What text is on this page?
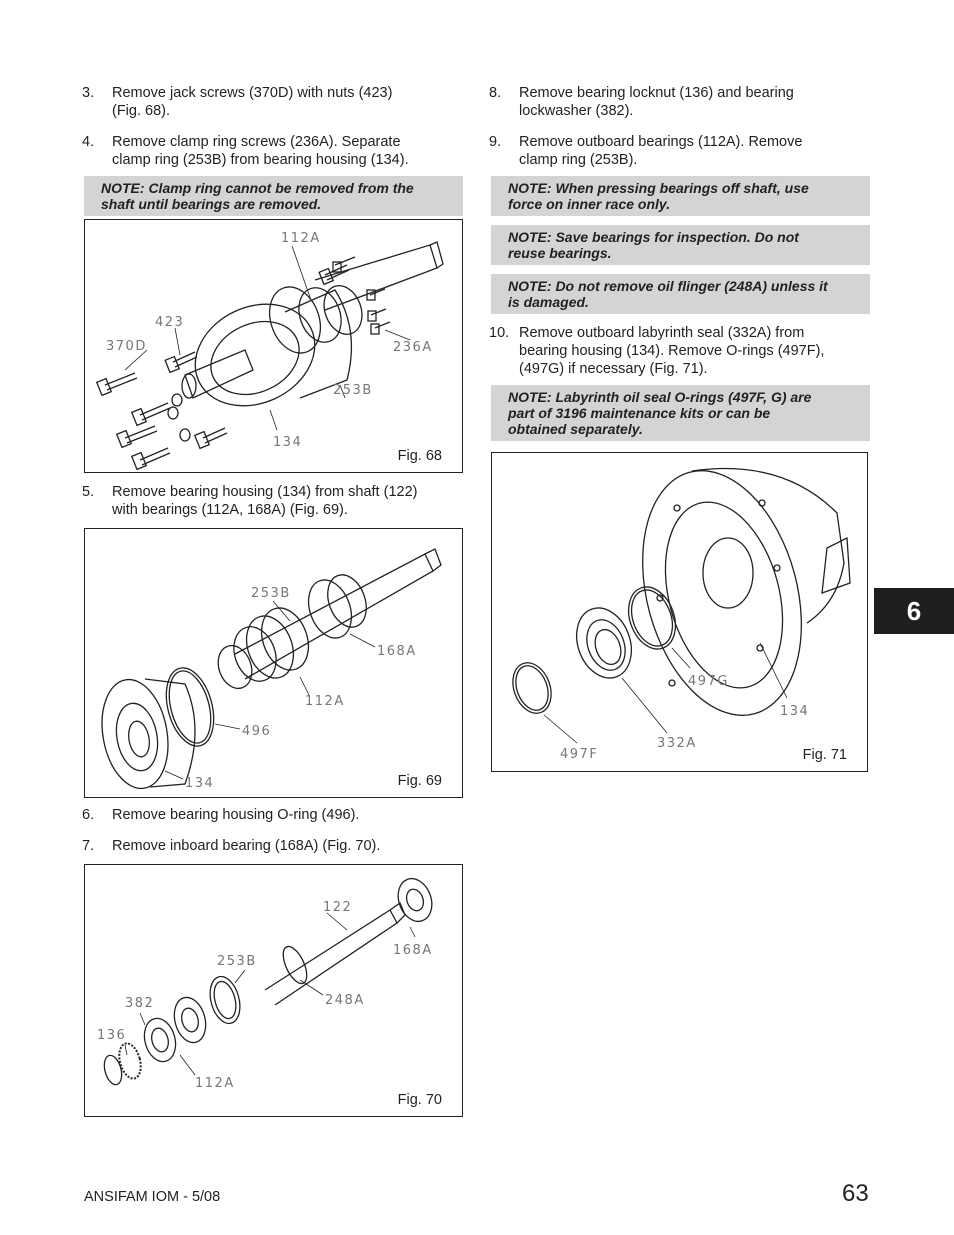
3. Remove jack screws (370D) with nuts (423)
(Fig. 68).
4. Remove clamp ring screws (236A). Separate
clamp ring (253B) from bearing housing (134).
NOTE: Clamp ring cannot be removed from the
shaft until bearings are removed.
112A
423
370D	236A
253B
134
Fig. 68
5. Remove bearing housing (134) from shaft (122)
with bearings (112A, 168A) (Fig. 69).
253B
168A
112A
496
134	Fig. 69
6. Remove bearing housing O-ring (496).
7. Remove inboard bearing (168A) (Fig. 70).
122
168A
253B
248A
382
136
112A
Fig. 70
8. Remove bearing locknut (136) and bearing
lockwasher (382).
9. Remove outboard bearings (112A). Remove
clamp ring (253B).
NOTE: When pressing bearings off shaft, use
force on inner race only.
NOTE: Save bearings for inspection. Do not
reuse bearings.
NOTE: Do not remove oil flinger (248A) unless it
is damaged.
10. Remove outboard labyrinth seal (332A) from
bearing housing (134). Remove O-rings (497F),
(497G) if necessary (Fig. 71).
NOTE: Labyrinth oil seal O-rings (497F, G) are
part of 3196 maintenance kits or can be
obtained separately.
497G
134
332A
497F	Fig. 71
6
ANSIFAM IOM - 5/08	63
